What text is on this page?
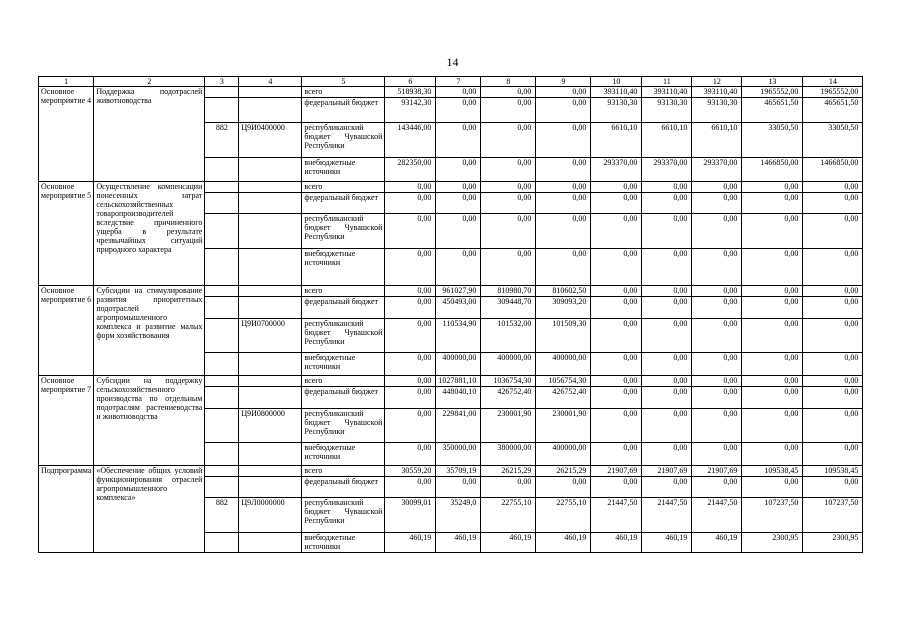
14
1	2	3	4	5	6	7	8	9	10	11	12	13	14
Основное мероприятие 4	Поддержка подотраслей животноводства			всего	518938,30	0,00	0,00	0,00	393110,40	393110,40	393110,40	1965552,00	1965552,00
				федеральный бюджет	93142,30	0,00	0,00	0,00	93130,30	93130,30	93130,30	465651,50	465651,50
		882	Ц9И0400000	республиканский бюджет Чувашской Республики	143446,00	0,00	0,00	0,00	6610,10	6610,10	6610,10	33050,50	33050,50
				внебюджетные источники	282350,00	0,00	0,00	0,00	293370,00	293370,00	293370,00	1466850,00	1466850,00
Основное мероприятие 5	Осуществление компенсации понесенных затрат сельскохозяйственных товаропроизводителей вследствие причиненного ущерба в результате чрезвычайных ситуаций природного характера			всего	0,00	0,00	0,00	0,00	0,00	0,00	0,00	0,00	0,00
				федеральный бюджет	0,00	0,00	0,00	0,00	0,00	0,00	0,00	0,00	0,00
				республиканский бюджет Чувашской Республики	0,00	0,00	0,00	0,00	0,00	0,00	0,00	0,00	0,00
				внебюджетные источники	0,00	0,00	0,00	0,00	0,00	0,00	0,00	0,00	0,00
Основное мероприятие 6	Субсидии на стимулирование развития приоритетных подотраслей агропромышленного комплекса и развитие малых форм хозяйствования			всего	0,00	961027,90	810980,70	810602,50	0,00	0,00	0,00	0,00	0,00
				федеральный бюджет	0,00	450493,00	309448,70	309093,20	0,00	0,00	0,00	0,00	0,00
			Ц9И0700000	республиканский бюджет Чувашской Республики	0,00	110534,90	101532,00	101509,30	0,00	0,00	0,00	0,00	0,00
				внебюджетные источники	0,00	400000,00	400000,00	400000,00	0,00	0,00	0,00	0,00	0,00
Основное мероприятие 7	Субсидии на поддержку сельскохозяйственного производства по отдельным подотраслям растениеводства и животноводства			всего	0,00	1027881,10	1036754,30	1056754,30	0,00	0,00	0,00	0,00	0,00
				федеральный бюджет	0,00	448040,10	426752,40	426752,40	0,00	0,00	0,00	0,00	0,00
			Ц9И0800000	республиканский бюджет Чувашской Республики	0,00	229841,00	230001,90	230001,90	0,00	0,00	0,00	0,00	0,00
				внебюджетные источники	0,00	350000,00	380000,00	400000,00	0,00	0,00	0,00	0,00	0,00
Подпрограмма	«Обеспечение общих условий функционирования отраслей агропромышленного комплекса»			всего	30559,20	35709,19	26215,29	26215,29	21907,69	21907,69	21907,69	109538,45	109538,45
				федеральный бюджет	0,00	0,00	0,00	0,00	0,00	0,00	0,00	0,00	0,00
		882	Ц9Л0000000	республиканский бюджет Чувашской Республики	30099,01	35249,0	22755,10	22755,10	21447,50	21447,50	21447,50	107237,50	107237,50
				внебюджетные источники	460,19	460,19	460,19	460,19	460,19	460,19	460,19	2300,95	2300,95
